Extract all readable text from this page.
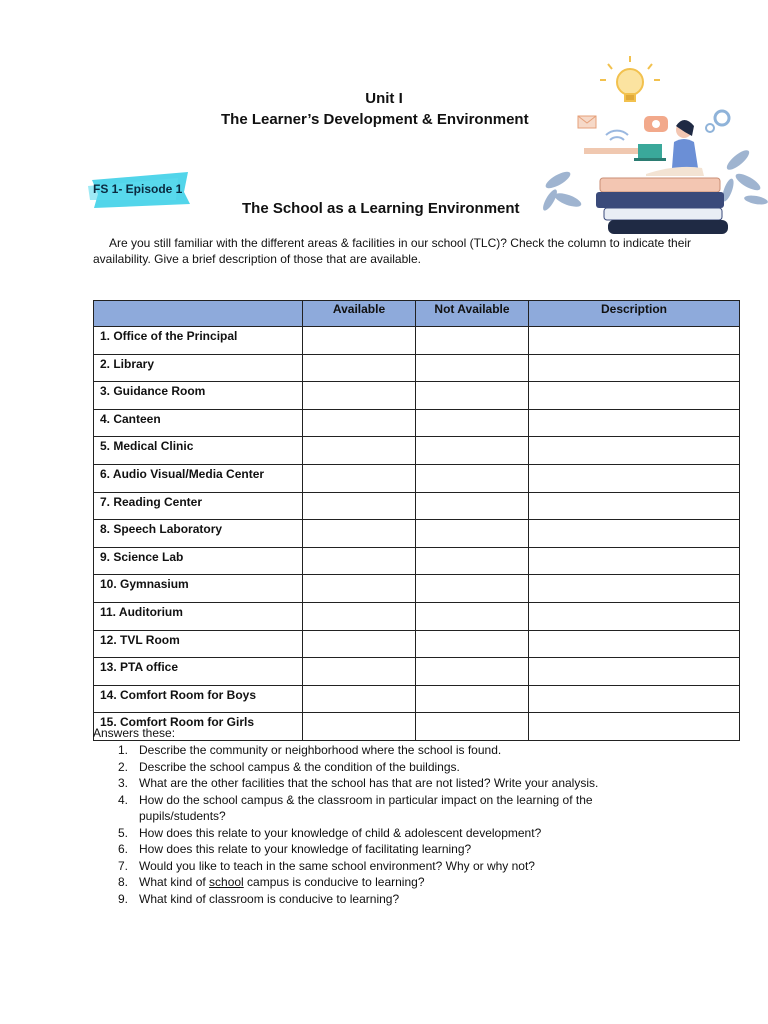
Unit I
The Learner’s Development & Environment
FS 1- Episode 1
The School as a Learning Environment
Are you still familiar with the different areas & facilities in our school (TLC)? Check the column to indicate their availability. Give a brief description of those that are available.
	Available	Not Available	Description
1. Office of the Principal			
2. Library			
3. Guidance Room			
4. Canteen			
5. Medical Clinic			
6. Audio Visual/Media Center			
7. Reading Center			
8. Speech Laboratory			
9. Science Lab			
10. Gymnasium			
11. Auditorium			
12. TVL Room			
13. PTA office			
14. Comfort Room for Boys			
15. Comfort Room for Girls			
Answers these:
1. Describe the community or neighborhood where the school is found.
2. Describe the school campus & the condition of the buildings.
3. What are the other facilities that the school has that are not listed? Write your analysis.
4. How do the school campus & the classroom in particular impact on the learning of the pupils/students?
5. How does this relate to your knowledge of child & adolescent development?
6. How does this relate to your knowledge of facilitating learning?
7. Would you like to teach in the same school environment? Why or why not?
8. What kind of school campus is conducive to learning?
9. What kind of classroom is conducive to learning?
